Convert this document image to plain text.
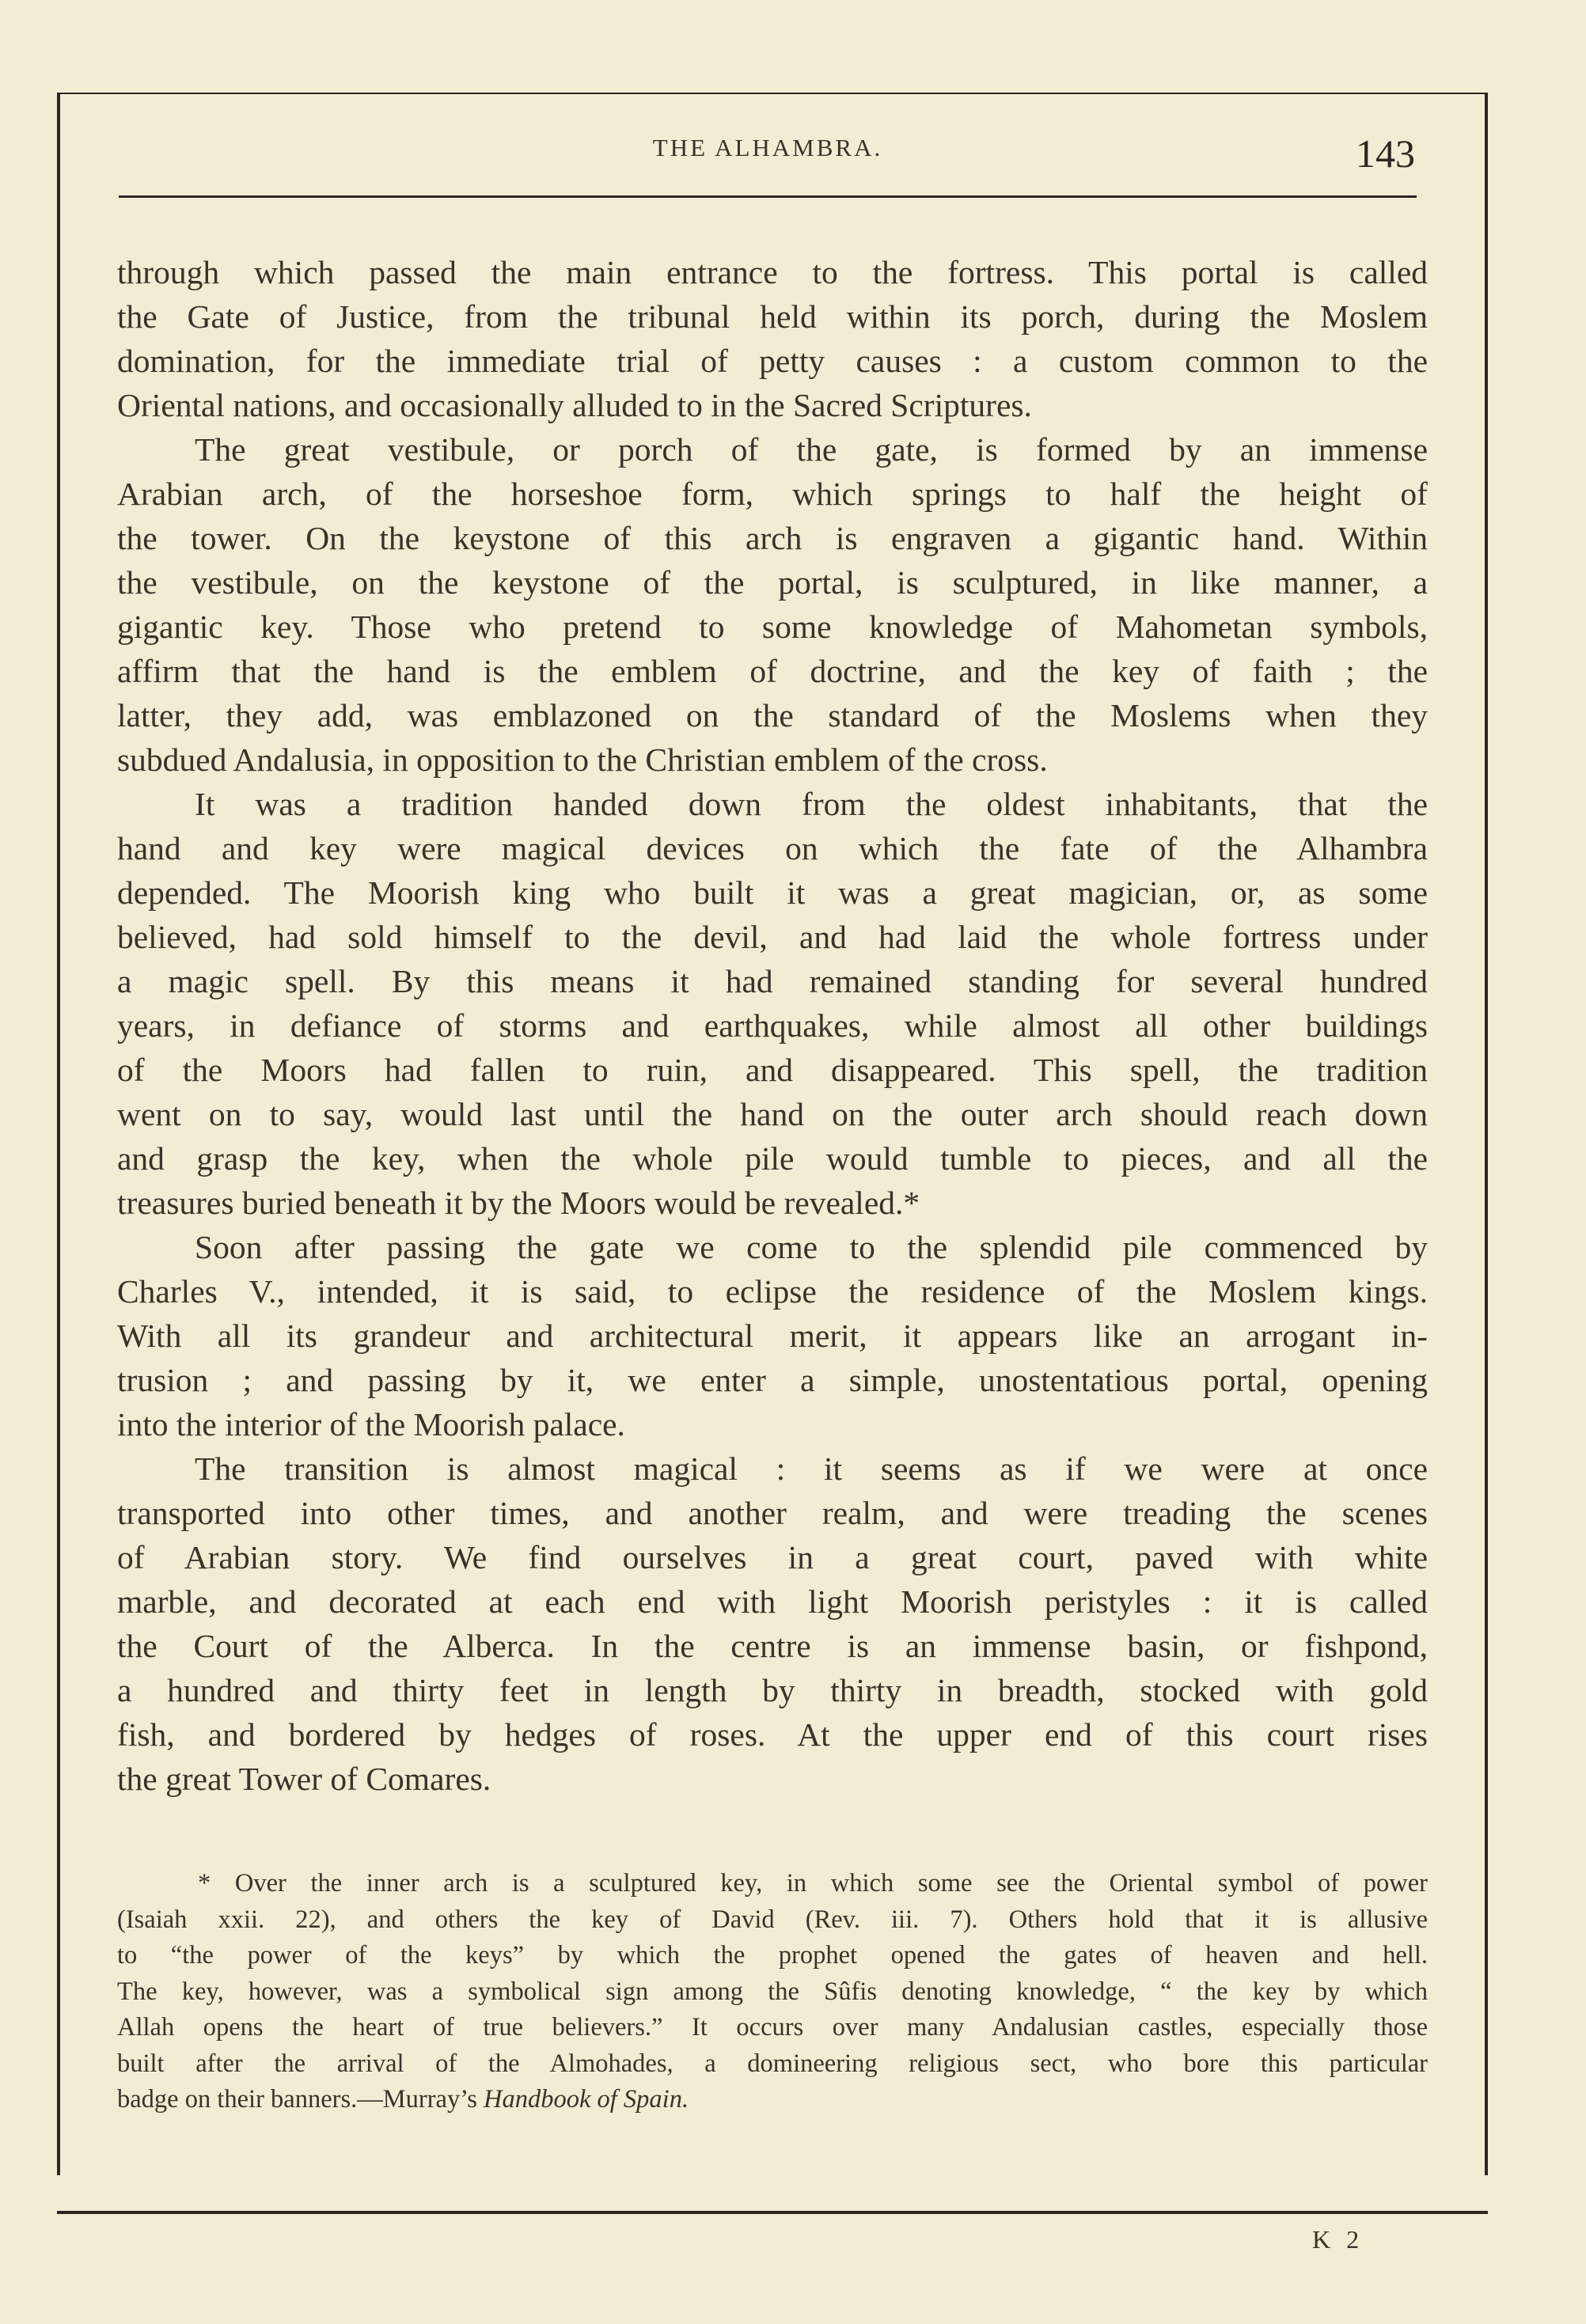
THE ALHAMBRA.	143
through which passed the main entrance to the fortress. This portal is called
the Gate of Justice, from the tribunal held within its porch, during the Moslem
domination, for the immediate trial of petty causes : a custom common to the
Oriental nations, and occasionally alluded to in the Sacred Scriptures.
The great vestibule, or porch of the gate, is formed by an immense
Arabian arch, of the horseshoe form, which springs to half the height of
the tower. On the keystone of this arch is engraven a gigantic hand. Within
the vestibule, on the keystone of the portal, is sculptured, in like manner, a
gigantic key. Those who pretend to some knowledge of Mahometan symbols,
affirm that the hand is the emblem of doctrine, and the key of faith ; the
latter, they add, was emblazoned on the standard of the Moslems when they
subdued Andalusia, in opposition to the Christian emblem of the cross.
It was a tradition handed down from the oldest inhabitants, that the
hand and key were magical devices on which the fate of the Alhambra
depended. The Moorish king who built it was a great magician, or, as some
believed, had sold himself to the devil, and had laid the whole fortress under
a magic spell. By this means it had remained standing for several hundred
years, in defiance of storms and earthquakes, while almost all other buildings
of the Moors had fallen to ruin, and disappeared. This spell, the tradition
went on to say, would last until the hand on the outer arch should reach down
and grasp the key, when the whole pile would tumble to pieces, and all the
treasures buried beneath it by the Moors would be revealed.*
Soon after passing the gate we come to the splendid pile commenced by
Charles V., intended, it is said, to eclipse the residence of the Moslem kings.
With all its grandeur and architectural merit, it appears like an arrogant in-
trusion ; and passing by it, we enter a simple, unostentatious portal, opening
into the interior of the Moorish palace.
The transition is almost magical : it seems as if we were at once
transported into other times, and another realm, and were treading the scenes
of Arabian story. We find ourselves in a great court, paved with white
marble, and decorated at each end with light Moorish peristyles : it is called
the Court of the Alberca. In the centre is an immense basin, or fishpond,
a hundred and thirty feet in length by thirty in breadth, stocked with gold
fish, and bordered by hedges of roses. At the upper end of this court rises
the great Tower of Comares.
* Over the inner arch is a sculptured key, in which some see the Oriental symbol of power
(Isaiah xxii. 22), and others the key of David (Rev. iii. 7). Others hold that it is allusive
to “the power of the keys” by which the prophet opened the gates of heaven and hell.
The key, however, was a symbolical sign among the Sûfis denoting knowledge, “ the key by which
Allah opens the heart of true believers.” It occurs over many Andalusian castles, especially those
built after the arrival of the Almohades, a domineering religious sect, who bore this particular
badge on their banners.—Murray’s Handbook of Spain.
K 2
